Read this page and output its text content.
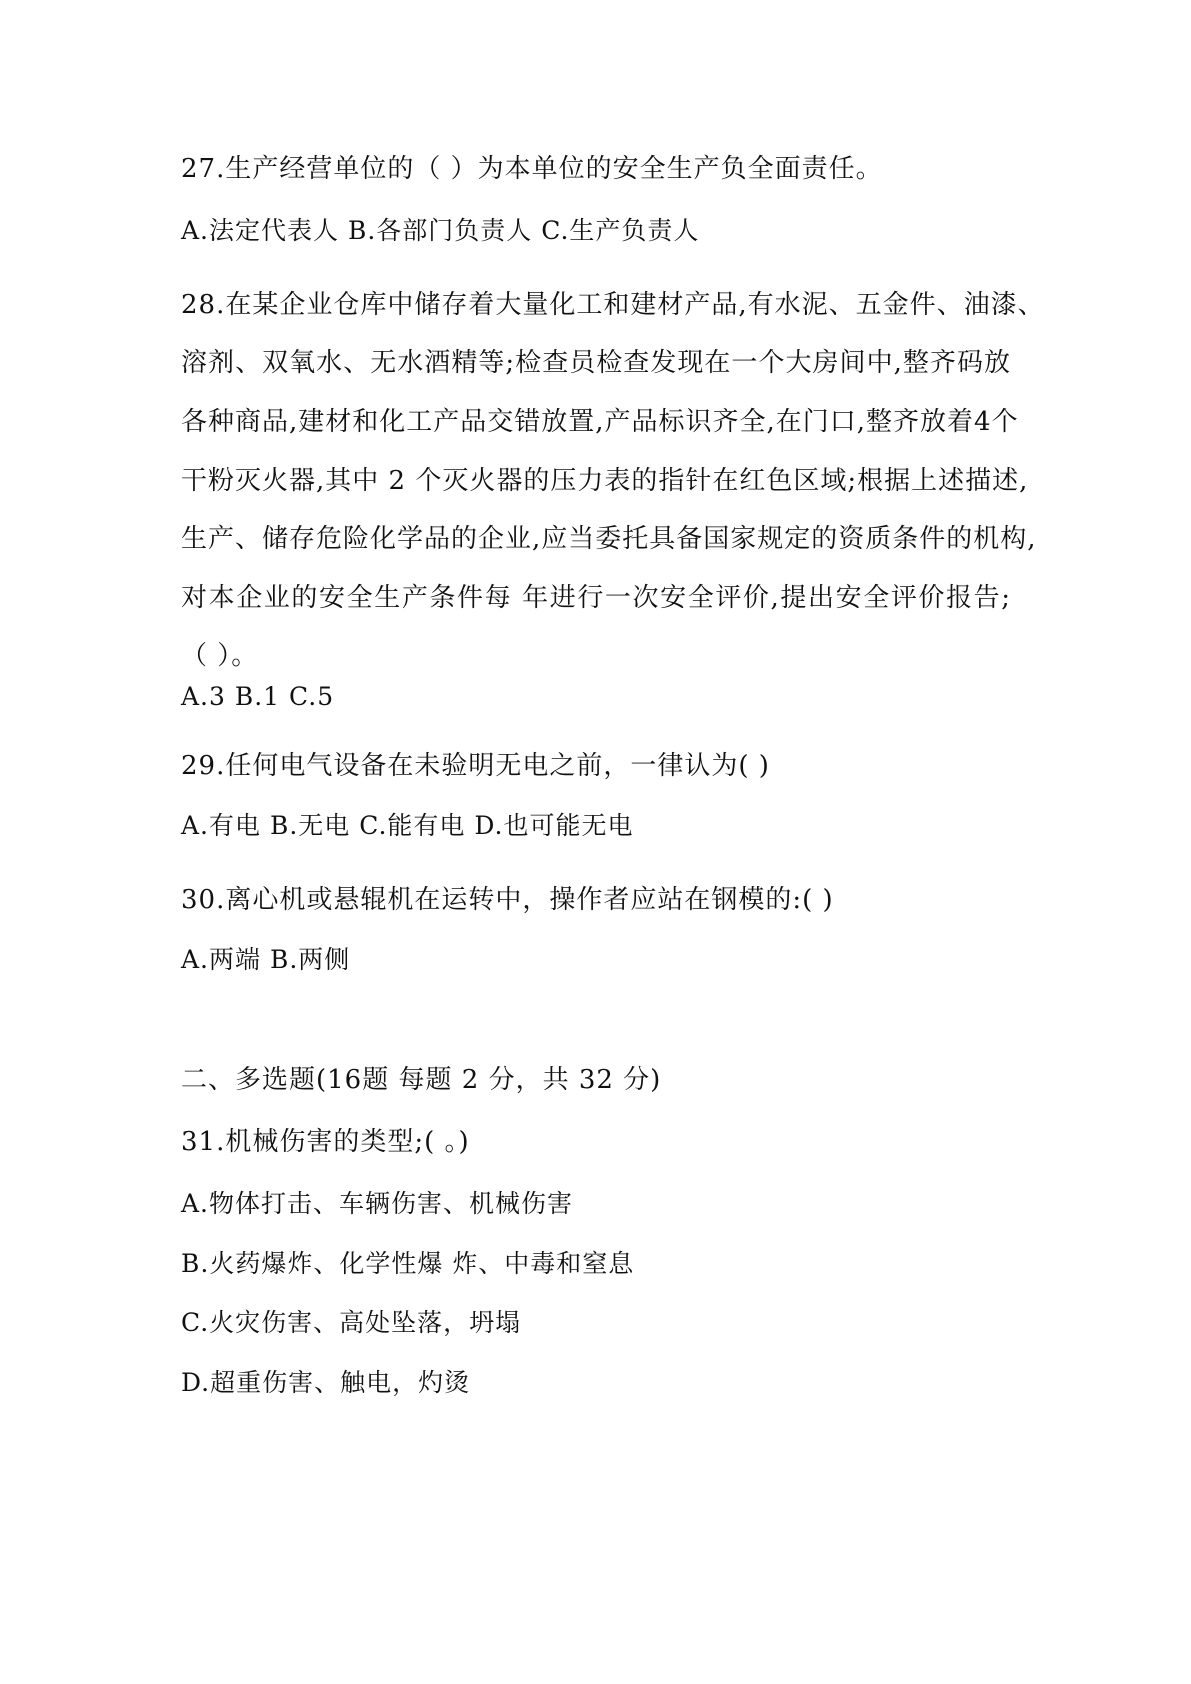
27.生产经营单位的（ ）为本单位的安全生产负全面责任。
A.法定代表人 B.各部门负责人 C.生产负责人
28.在某企业仓库中储存着大量化工和建材产品,有水泥、五金件、油漆、
溶剂、双氧水、无水酒精等;检查员检查发现在一个大房间中,整齐码放
各种商品,建材和化工产品交错放置,产品标识齐全,在门口,整齐放着4个
干粉灭火器,其中 2 个灭火器的压力表的指针在红色区域;根据上述描述,
生产、储存危险化学品的企业,应当委托具备国家规定的资质条件的机构,
对本企业的安全生产条件每 年进行一次安全评价,提出安全评价报告;
（ ）。
A.3 B.1 C.5
29.任何电气设备在未验明无电之前，一律认为( )
A.有电 B.无电 C.能有电 D.也可能无电
30.离心机或悬辊机在运转中，操作者应站在钢模的:( )
A.两端 B.两侧
二、多选题(16题 每题 2 分，共 32 分)
31.机械伤害的类型;( 。)
A.物体打击、车辆伤害、机械伤害
B.火药爆炸、化学性爆 炸、中毒和窒息
C.火灾伤害、高处坠落，坍塌
D.超重伤害、触电，灼烫
